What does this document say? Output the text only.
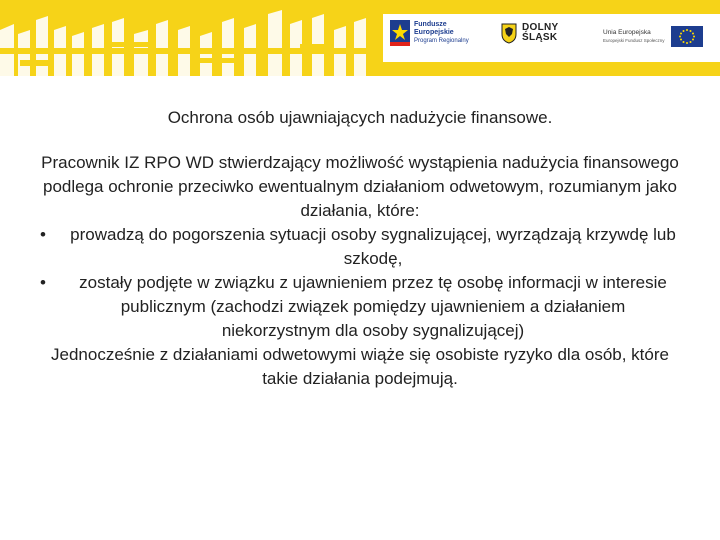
Fundusze
Europejskie
Program Regionalny
DOLNY
ŚLĄSK	Unia Europejska
Europejski Fundusz Społeczny

Ochrona osób ujawniających nadużycie finansowe.

Pracownik IZ RPO WD stwierdzający możliwość wystąpienia nadużycia finansowego podlega ochronie przeciwko ewentualnym działaniom odwetowym, rozumianym jako działania, które:

•	prowadzą do pogorszenia sytuacji osoby sygnalizującej, wyrządzają krzywdę lub szkodę,
•	zostały podjęte w związku z ujawnieniem przez tę osobę informacji w interesie publicznym (zachodzi związek pomiędzy ujawnieniem a działaniem niekorzystnym dla osoby sygnalizującej)

Jednocześnie z działaniami odwetowymi wiąże się osobiste ryzyko dla osób, które takie działania podejmują.
